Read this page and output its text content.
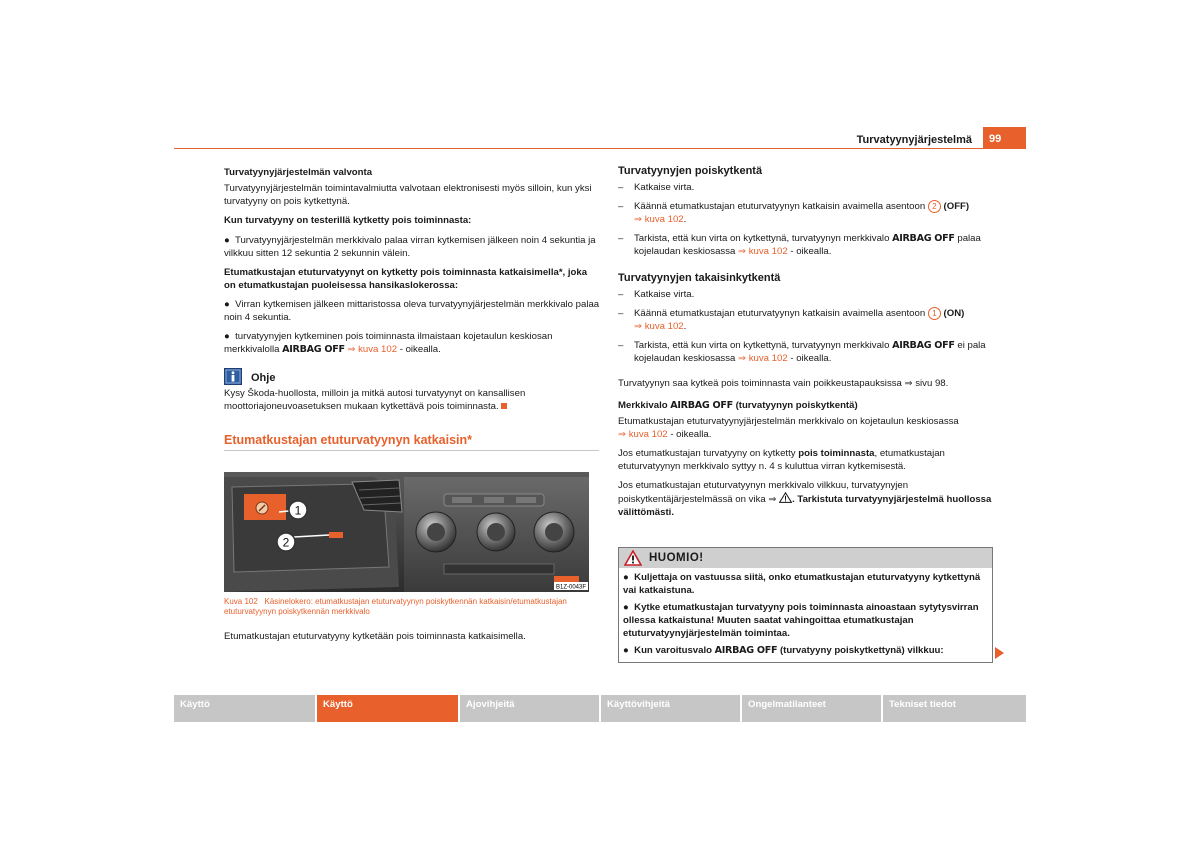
Turvatyynyjärjestelmä	99

Turvatyynyjärjestelmän valvonta

Turvatyynyjärjestelmän toimintavalmiutta valvotaan elektronisesti myös silloin, kun yksi turvatyyny on pois kytkettynä.

Kun turvatyyny on testerillä kytketty pois toiminnasta:

●  Turvatyynyjärjestelmän merkkivalo palaa virran kytkemisen jälkeen noin 4 sekuntia ja vilkkuu sitten 12 sekuntia 2 sekunnin välein.

Etumatkustajan etuturvatyynyt on kytketty pois toiminnasta katkaisimella*, joka on etumatkustajan puoleisessa hansikaslokerossa:

●  Virran kytkemisen jälkeen mittaristossa oleva turvatyynyjärjestelmän merkkivalo palaa noin 4 sekuntia.

●  turvatyynyjen kytkeminen pois toiminnasta ilmaistaan kojetaulun keskiosan merkkivalolla AIRBAG OFF ⇒ kuva 102 - oikealla.

Ohje

Kysy Škoda-huollosta, milloin ja mitkä autosi turvatyynyt on kansallisen moottoriajoneuvoasetuksen mukaan kytkettävä pois toiminnasta.

Etumatkustajan etuturvatyynyn katkaisin*
1
2
B1Z-0043F
Kuva 102 Käsinelokero: etumatkustajan etuturvatyynyn poiskytkennän katkaisin/etumatkustajan etuturvatyynyn poiskytkennän merkkivalo

Etumatkustajan etuturvatyyny kytketään pois toiminnasta katkaisimella.

Turvatyynyjen poiskytkentä

– Katkaise virta.

– Käännä etumatkustajan etuturvatyynyn katkaisin avaimella asentoon 2 (OFF)
⇒ kuva 102.

– Tarkista, että kun virta on kytkettynä, turvatyynyn merkkivalo AIRBAG OFF palaa kojelaudan keskiosassa ⇒ kuva 102 - oikealla.

Turvatyynyjen takaisinkytkentä

– Katkaise virta.

– Käännä etumatkustajan etuturvatyynyn katkaisin avaimella asentoon 1 (ON)
⇒ kuva 102.

– Tarkista, että kun virta on kytkettynä, turvatyynyn merkkivalo AIRBAG OFF ei pala kojelaudan keskiosassa ⇒ kuva 102 - oikealla.

Turvatyynyn saa kytkeä pois toiminnasta vain poikkeustapauksissa ⇒ sivu 98.

Merkkivalo AIRBAG OFF (turvatyynyn poiskytkentä)

Etumatkustajan etuturvatyynyjärjestelmän merkkivalo on kojetaulun keskiosassa
⇒ kuva 102 - oikealla.

Jos etumatkustajan turvatyyny on kytketty pois toiminnasta, etumatkustajan etuturvatyynyn merkkivalo syttyy n. 4 s kuluttua virran kytkemisestä.

Jos etumatkustajan etuturvatyynyn merkkivalo vilkkuu, turvatyynyjen poiskytkentäjärjestelmässä on vika ⇒ . Tarkistuta turvatyynyjärjestelmä huollossa välittömästi.

HUOMIO!

●  Kuljettaja on vastuussa siitä, onko etumatkustajan etuturvatyyny kytkettynä vai katkaistuna.

●  Kytke etumatkustajan turvatyyny pois toiminnasta ainoastaan sytytysvirran ollessa katkaistuna! Muuten saatat vahingoittaa etumatkustajan etuturvatyynyjärjestelmän toimintaa.

●  Kun varoitusvalo AIRBAG OFF (turvatyyny poiskytkettynä) vilkkuu:

Käyttö	Käyttö	Ajovihjeitä	Käyttövihjeitä	Ongelmatilanteet	Tekniset tiedot
